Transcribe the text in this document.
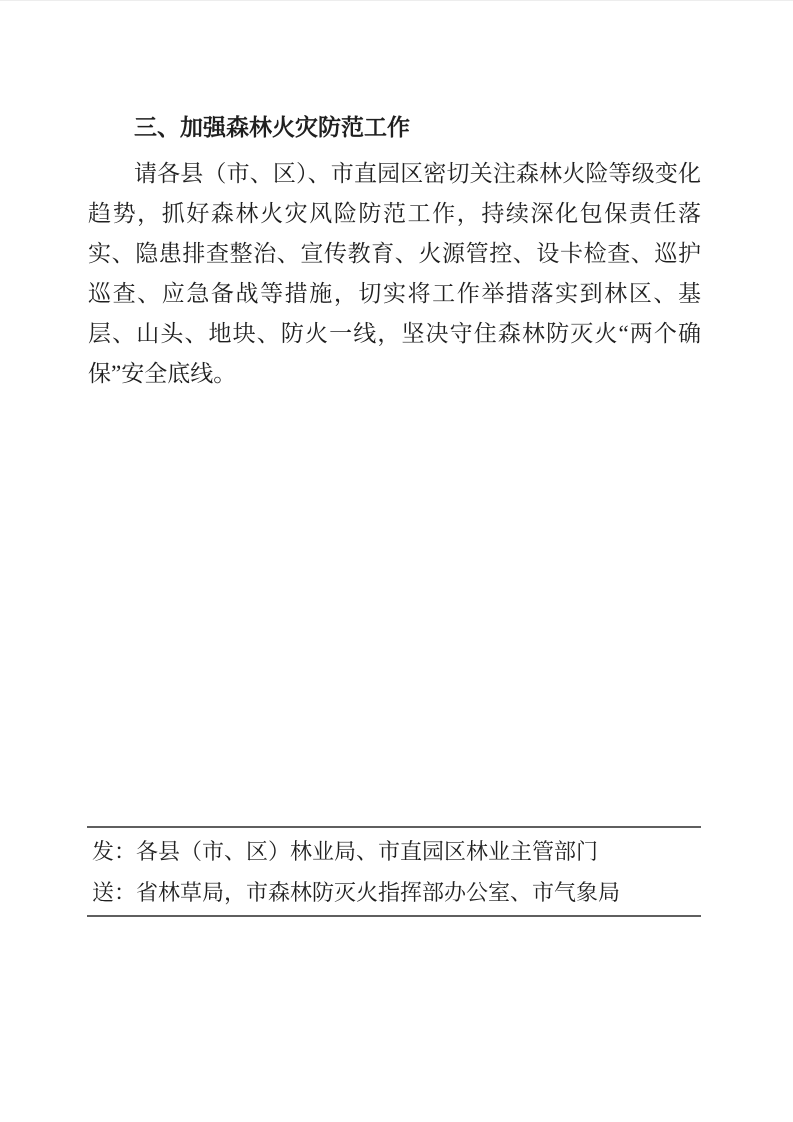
三、加强森林火灾防范工作

请各县（市、区）、市直园区密切关注森林火险等级变化趋势，抓好森林火灾风险防范工作，持续深化包保责任落实、隐患排查整治、宣传教育、火源管控、设卡检查、巡护巡查、应急备战等措施，切实将工作举措落实到林区、基层、山头、地块、防火一线，坚决守住森林防灭火“两个确保”安全底线。

发：各县（市、区）林业局、市直园区林业主管部门
送：省林草局，市森林防灭火指挥部办公室、市气象局
